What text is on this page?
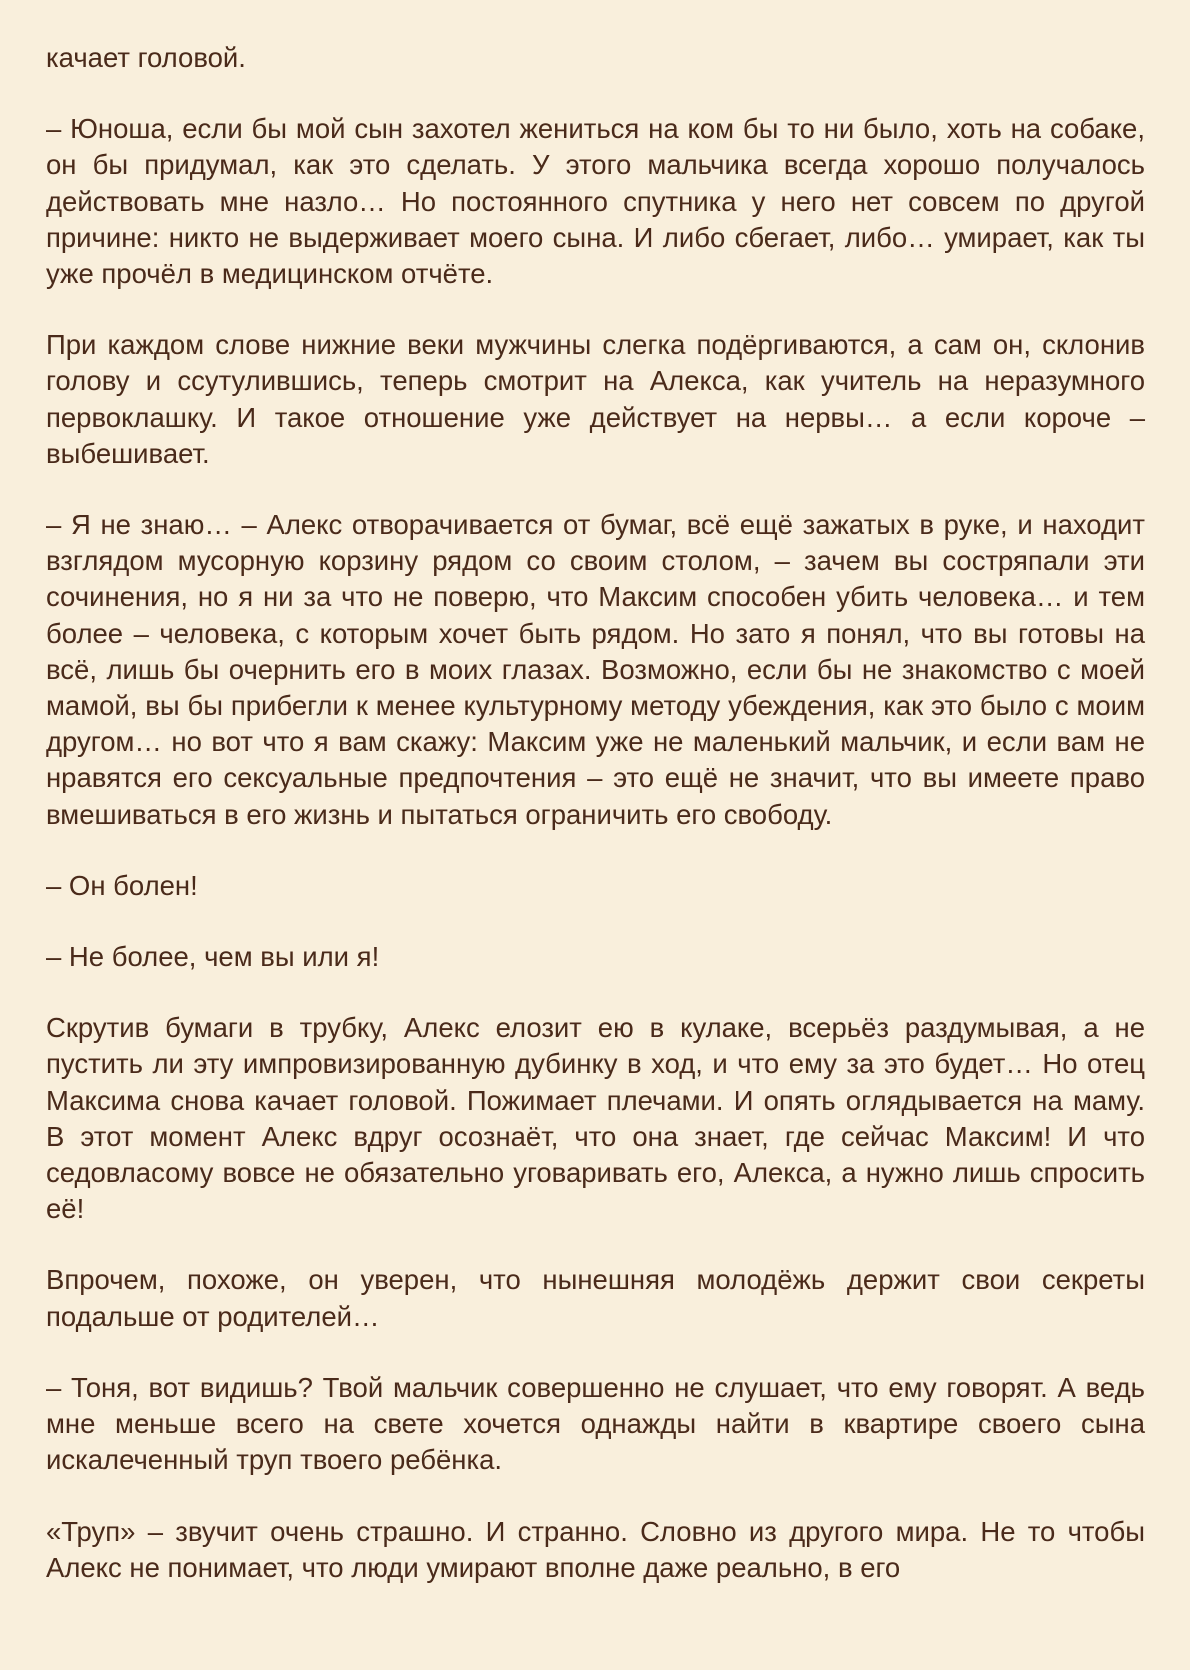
качает головой.

– Юноша, если бы мой сын захотел жениться на ком бы то ни было, хоть на собаке, он бы придумал, как это сделать. У этого мальчика всегда хорошо получалось действовать мне назло… Но постоянного спутника у него нет совсем по другой причине: никто не выдерживает моего сына. И либо сбегает, либо… умирает, как ты уже прочёл в медицинском отчёте.

При каждом слове нижние веки мужчины слегка подёргиваются, а сам он, склонив голову и ссутулившись, теперь смотрит на Алекса, как учитель на неразумного первоклашку. И такое отношение уже действует на нервы… а если короче – выбешивает.

– Я не знаю… – Алекс отворачивается от бумаг, всё ещё зажатых в руке, и находит взглядом мусорную корзину рядом со своим столом, – зачем вы состряпали эти сочинения, но я ни за что не поверю, что Максим способен убить человека… и тем более – человека, с которым хочет быть рядом. Но зато я понял, что вы готовы на всё, лишь бы очернить его в моих глазах. Возможно, если бы не знакомство с моей мамой, вы бы прибегли к менее культурному методу убеждения, как это было с моим другом… но вот что я вам скажу: Максим уже не маленький мальчик, и если вам не нравятся его сексуальные предпочтения – это ещё не значит, что вы имеете право вмешиваться в его жизнь и пытаться ограничить его свободу.

– Он болен!

– Не более, чем вы или я!

Скрутив бумаги в трубку, Алекс елозит ею в кулаке, всерьёз раздумывая, а не пустить ли эту импровизированную дубинку в ход, и что ему за это будет… Но отец Максима снова качает головой. Пожимает плечами. И опять оглядывается на маму. В этот момент Алекс вдруг осознаёт, что она знает, где сейчас Максим! И что седовласому вовсе не обязательно уговаривать его, Алекса, а нужно лишь спросить её!

Впрочем, похоже, он уверен, что нынешняя молодёжь держит свои секреты подальше от родителей…

– Тоня, вот видишь? Твой мальчик совершенно не слушает, что ему говорят. А ведь мне меньше всего на свете хочется однажды найти в квартире своего сына искалеченный труп твоего ребёнка.

«Труп» – звучит очень страшно. И странно. Словно из другого мира. Не то чтобы Алекс не понимает, что люди умирают вполне даже реально, в его
